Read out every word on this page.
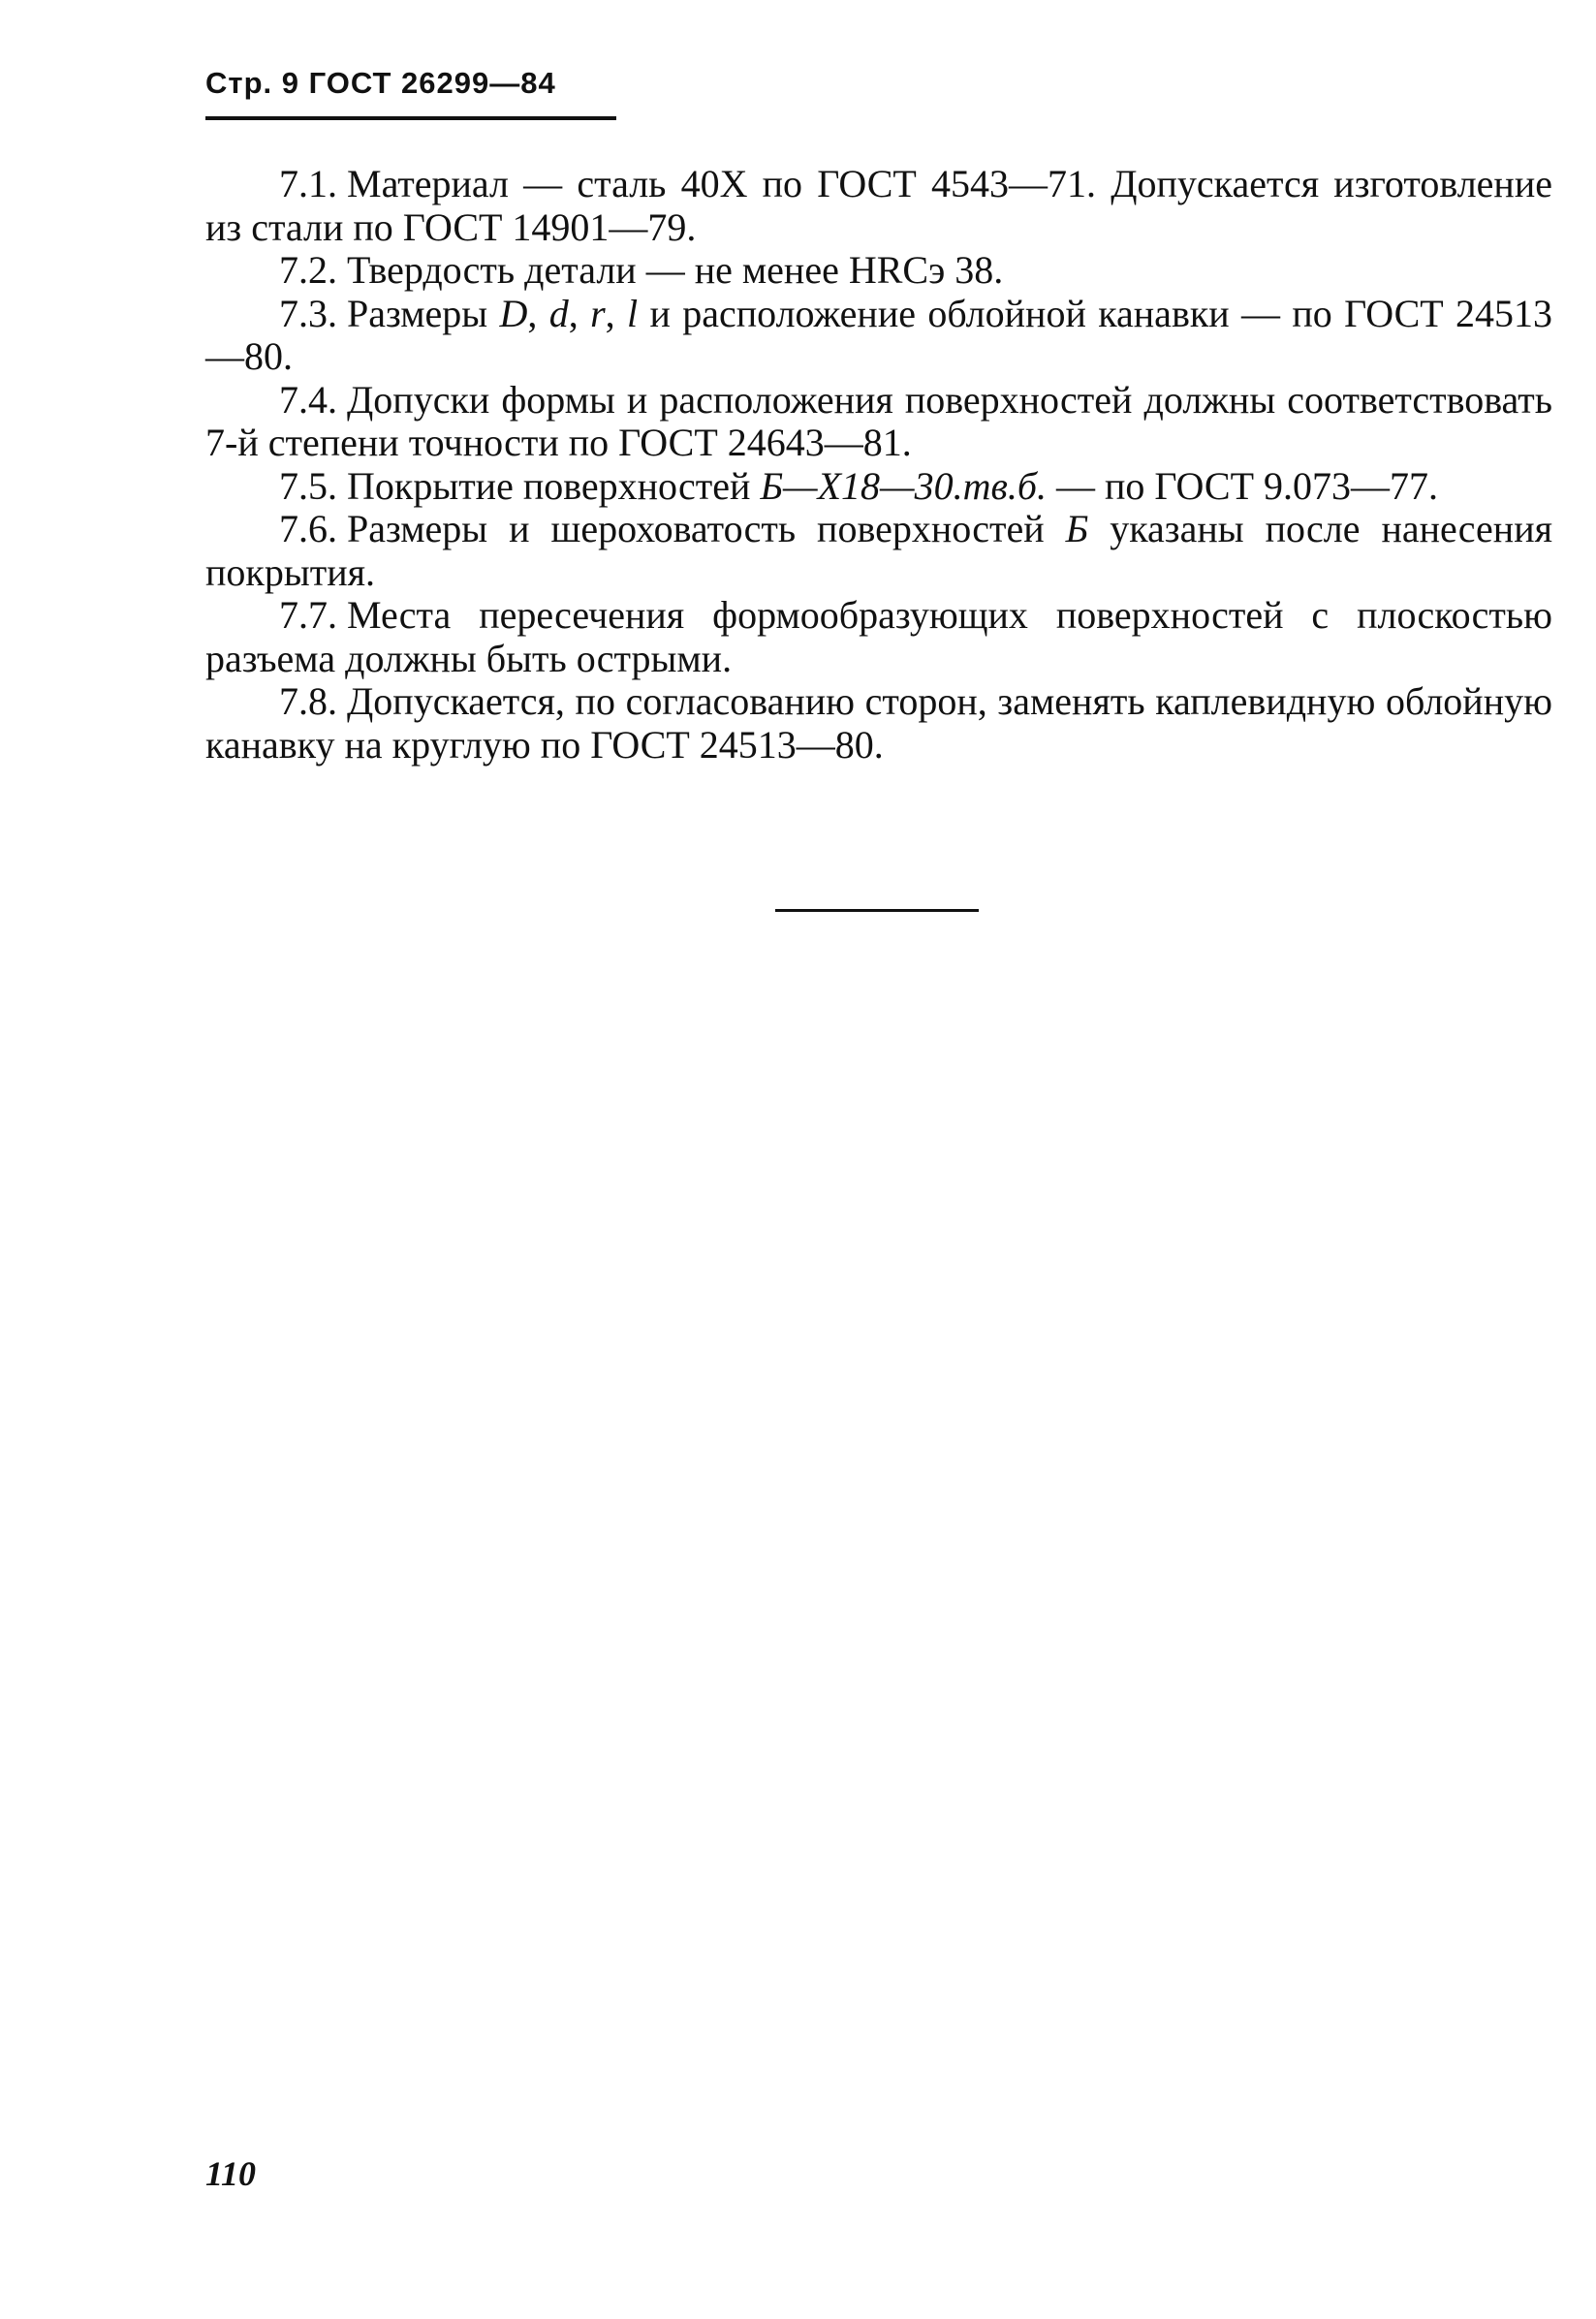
Стр. 9 ГОСТ 26299—84

7.1. Материал — сталь 40Х по ГОСТ 4543—71. Допускается изготовление из стали по ГОСТ 14901—79.

7.2. Твердость детали — не менее HRCэ 38.

7.3. Размеры D, d, r, l и расположение облойной канавки — по ГОСТ 24513—80.

7.4. Допуски формы и расположения поверхностей должны соответствовать 7-й степени точности по ГОСТ 24643—81.

7.5. Покрытие поверхностей Б—Х18—30.тв.б. — по ГОСТ 9.073—77.

7.6. Размеры и шероховатость поверхностей Б указаны после нанесения покрытия.

7.7. Места пересечения формообразующих поверхностей с плоскостью разъема должны быть острыми.

7.8. Допускается, по согласованию сторон, заменять каплевидную облойную канавку на круглую по ГОСТ 24513—80.

110
